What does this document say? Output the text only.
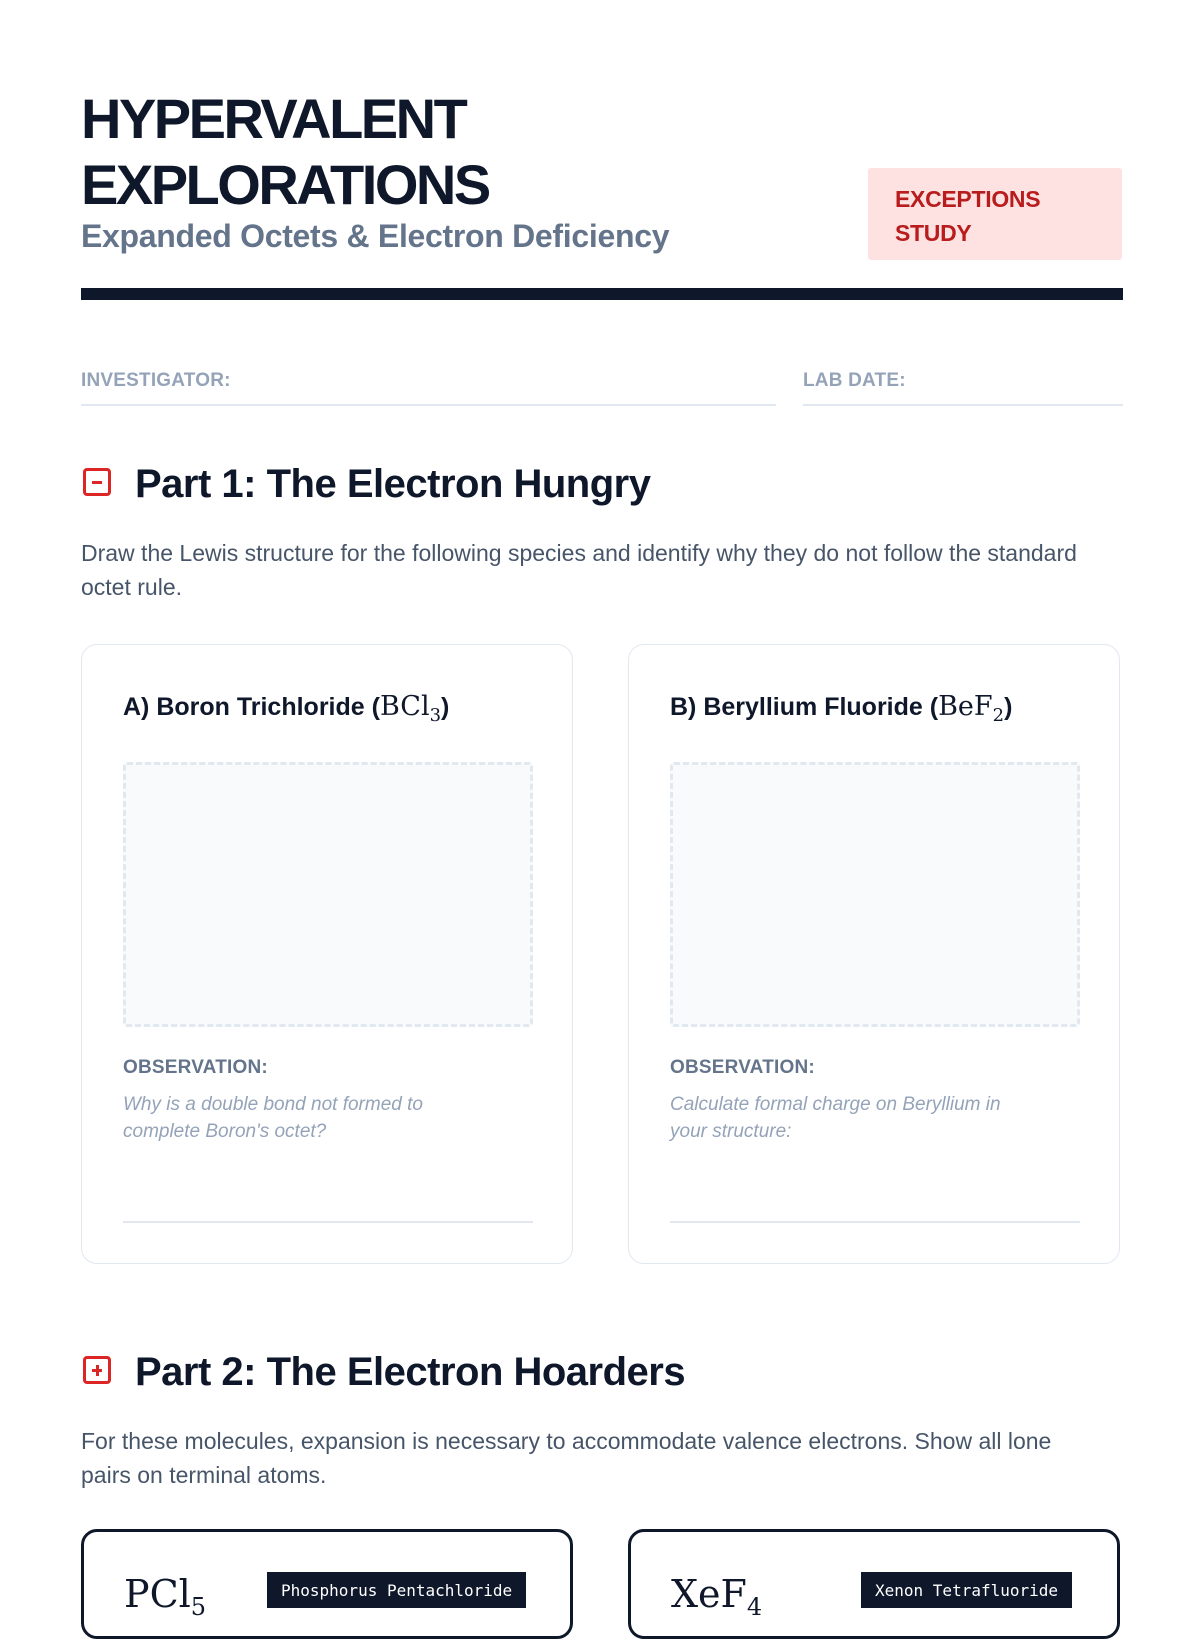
HYPERVALENT
EXPLORATIONS
Expanded Octets & Electron Deficiency
EXCEPTIONS
STUDY
INVESTIGATOR:	LAB DATE:
Part 1: The Electron Hungry
Draw the Lewis structure for the following species and identify why they do not follow the standard octet rule.
A) Boron Trichloride (BCl$_3$)
OBSERVATION:
Why is a double bond not formed to complete Boron's octet?
B) Beryllium Fluoride (BeF$_2$)
OBSERVATION:
Calculate formal charge on Beryllium in your structure:
Part 2: The Electron Hoarders
For these molecules, expansion is necessary to accommodate valence electrons. Show all lone pairs on terminal atoms.
PCl$_5$
Phosphorus Pentachloride	XeF$_4$
Xenon Tetrafluoride
